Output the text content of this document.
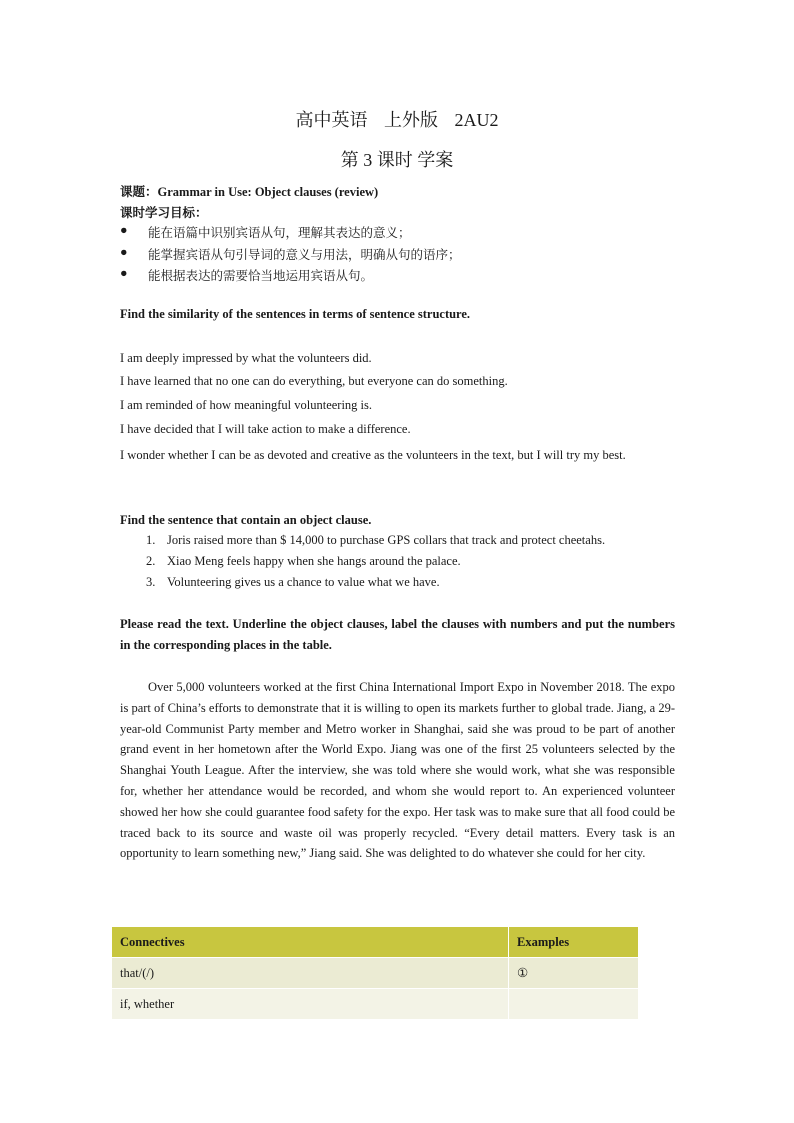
高中英语 上外版 2AU2
第 3 课时 学案
课题：Grammar in Use: Object clauses (review)
课时学习目标：
● 能在语篇中识别宾语从句，理解其表达的意义；
● 能掌握宾语从句引导词的意义与用法，明确从句的语序；
● 能根据表达的需要恰当地运用宾语从句。
Find the similarity of the sentences in terms of sentence structure.
I am deeply impressed by what the volunteers did.
I have learned that no one can do everything, but everyone can do something.
I am reminded of how meaningful volunteering is.
I have decided that I will take action to make a difference.
I wonder whether I can be as devoted and creative as the volunteers in the text, but I will try my best.
Find the sentence that contain an object clause.
1. Joris raised more than $ 14,000 to purchase GPS collars that track and protect cheetahs.
2. Xiao Meng feels happy when she hangs around the palace.
3. Volunteering gives us a chance to value what we have.
Please read the text. Underline the object clauses, label the clauses with numbers and put the numbers in the corresponding places in the table.
Over 5,000 volunteers worked at the first China International Import Expo in November 2018. The expo is part of China’s efforts to demonstrate that it is willing to open its markets further to global trade. Jiang, a 29-year-old Communist Party member and Metro worker in Shanghai, said she was proud to be part of another grand event in her hometown after the World Expo. Jiang was one of the first 25 volunteers selected by the Shanghai Youth League. After the interview, she was told where she would work, what she was responsible for, whether her attendance would be recorded, and whom she would report to. An experienced volunteer showed her how she could guarantee food safety for the expo. Her task was to make sure that all food could be traced back to its source and waste oil was properly recycled. “Every detail matters. Every task is an opportunity to learn something new,” Jiang said. She was delighted to do whatever she could for her city.
Connectives	Examples
that/(/)	①
if, whether	
